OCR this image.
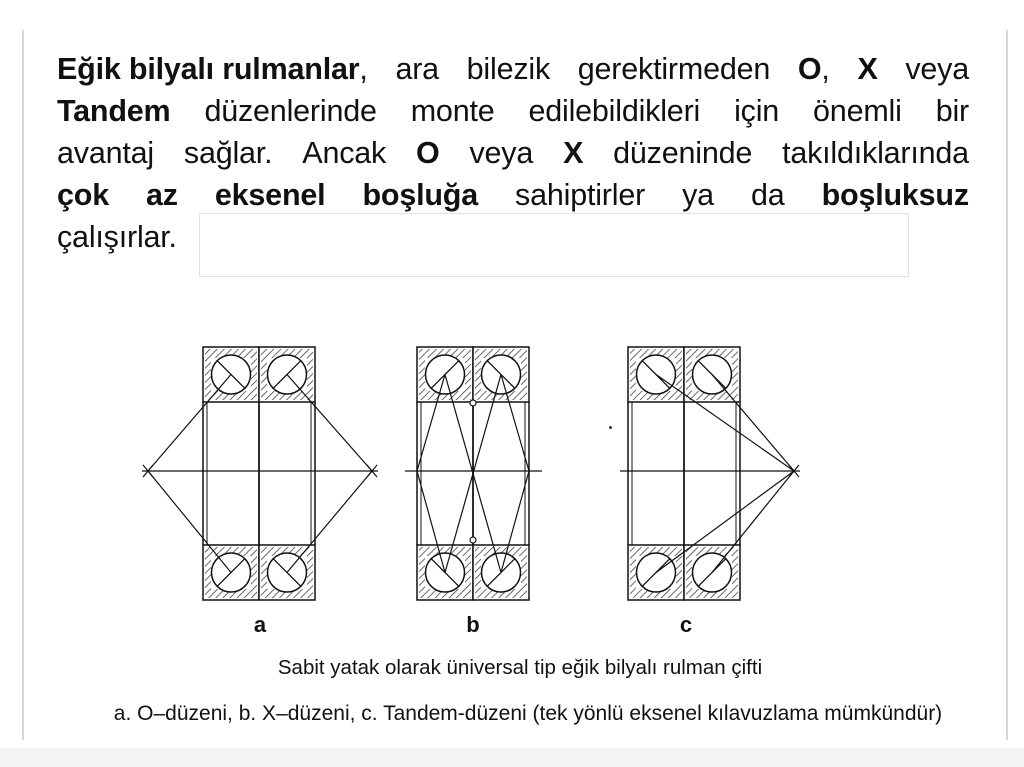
Eğik bilyalı rulmanlar, ara bilezik gerektirmeden O, X veya
Tandem düzenlerinde monte edilebildikleri için önemli bir
avantaj sağlar. Ancak O veya X düzeninde takıldıklarında
çok az eksenel boşluğa sahiptirler ya da boşluksuz
çalışırlar.
a	b	c
Sabit yatak olarak üniversal tip eğik bilyalı rulman çifti
a. O–düzeni, b. X–düzeni, c. Tandem-düzeni (tek yönlü eksenel kılavuzlama mümkündür)
